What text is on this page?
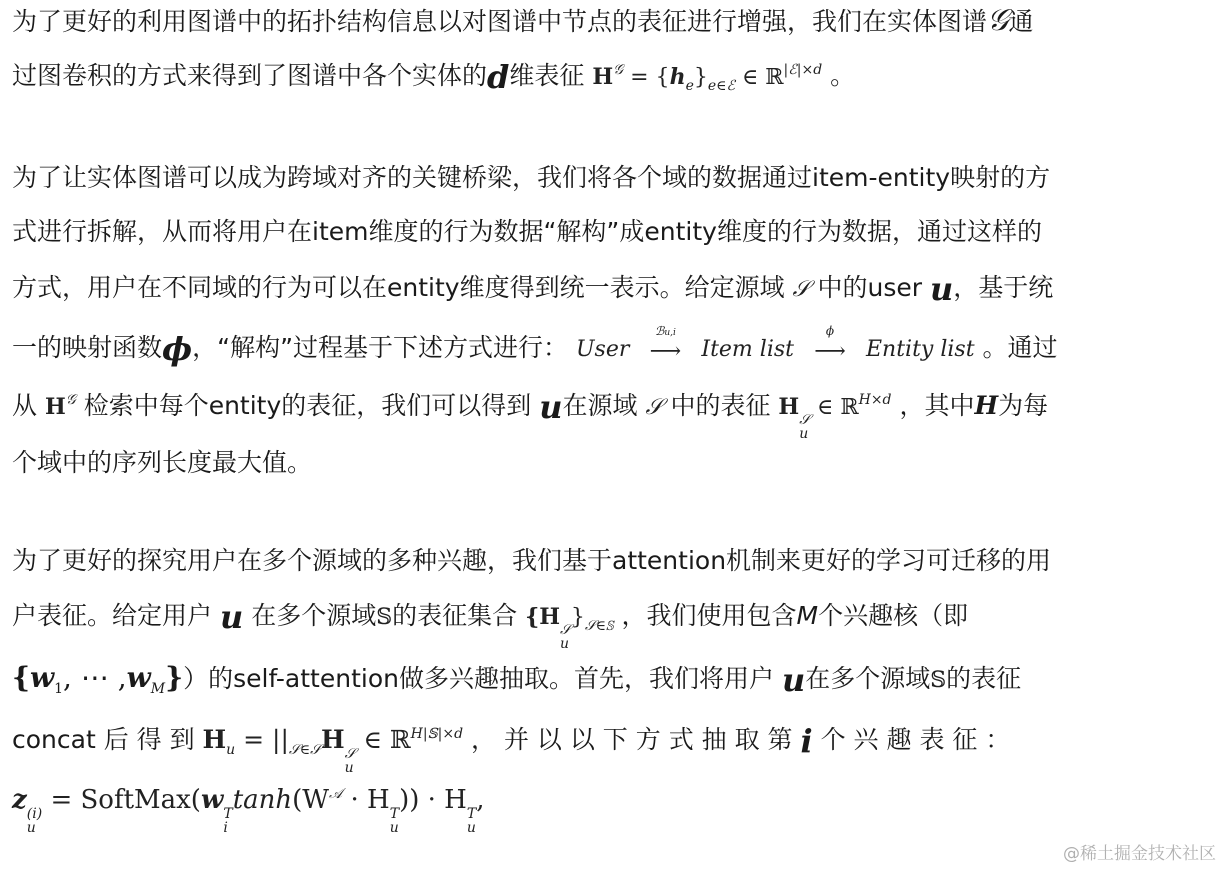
为了更好的利用图谱中的拓扑结构信息以对图谱中节点的表征进行增强，我们在实体图谱𝒢通
过图卷积的方式来得到了图谱中各个实体的d维表征 $H^𝒢 = \{h_e\}_{e\in ℰ}$ ∈ ℝ$^{|ℰ|\times d}$ 。
为了让实体图谱可以成为跨域对齐的关键桥梁，我们将各个域的数据通过item-entity映射的方
式进行拆解，从而将用户在item维度的行为数据“解构”成entity维度的行为数据，通过这样的
方式，用户在不同域的行为可以在entity维度得到统一表示。给定源域 𝒮 中的user u，基于统
一的映射函数ϕ，“解构”过程基于下述方式进行： User ⟶
ℬu,i
Item list ⟶
ϕ
Entity list 。通过
从 $H^𝒢$ 检索中每个entity的表征，我们可以得到 u在源域 𝒮 中的表征 H 𝒮
u
∈ ℝ$^{H\times d}$ ，其中H为每
个域中的序列长度最大值。
为了更好的探究用户在多个源域的多种兴趣，我们基于attention机制来更好的学习可迁移的用
户表征。给定用户 u 在多个源域𝕊的表征集合 {H 𝒮
u
}$_{𝒮\in 𝕊}$ ，我们使用包含M个兴趣核（即
{$w_1$, ⋯ $,w_M$}）的self-attention做多兴趣抽取。首先，我们将用户 u在多个源域𝕊的表征
concat 后 得 到 $H_u = ||_{𝒮\in 𝒮}H$ 𝒮
u
∈ ℝ$^{H|𝕊|\times d}$ ， 并 以 以 下 方 式 抽 取 第 i 个 兴 趣 表 征 ：
z (i)
u
= SoftMax(w T
i
$\tanh(W^𝒜 \cdot H$ T
u
)) · H T
u
,
@稀土掘金技术社区
